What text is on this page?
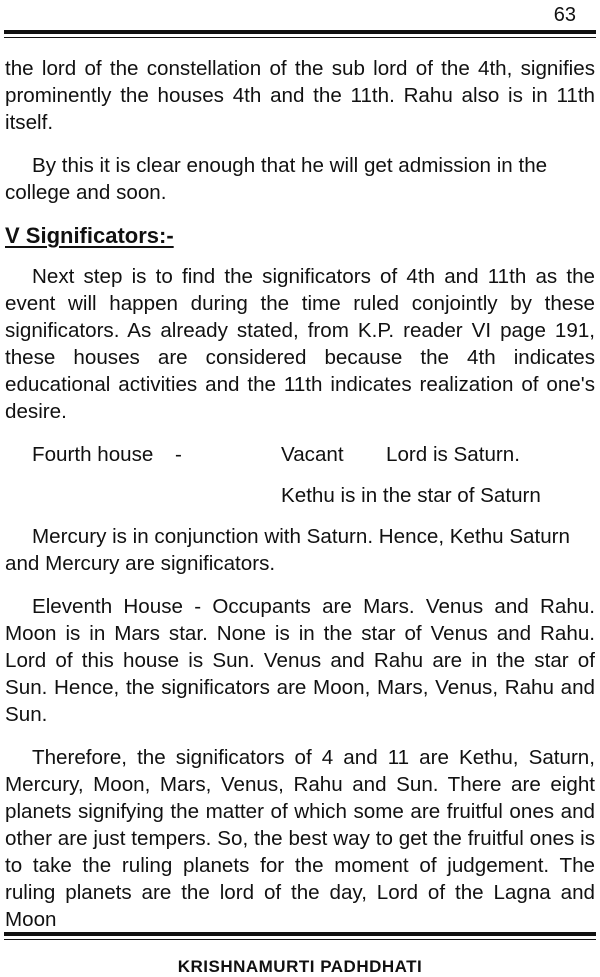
63

the lord of the constellation of the sub lord of the 4th, signifies prominently the houses 4th and the 11th. Rahu also is in 11th itself.

By this it is clear enough that he will get admission in the college and soon.

V Significators:-

Next step is to find the significators of 4th and 11th as the event will happen during the time ruled conjointly by these significators. As already stated, from K.P. reader VI page 191, these houses are considered because the 4th indicates educational activities and the 11th indicates realization of one's desire.

Fourth house -	Vacant Lord is Saturn.
Kethu is in the star of Saturn

Mercury is in conjunction with Saturn. Hence, Kethu Saturn and Mercury are significators.

Eleventh House - Occupants are Mars. Venus and Rahu. Moon is in Mars star. None is in the star of Venus and Rahu. Lord of this house is Sun. Venus and Rahu are in the star of Sun. Hence, the significators are Moon, Mars, Venus, Rahu and Sun.

Therefore, the significators of 4 and 11 are Kethu, Saturn, Mercury, Moon, Mars, Venus, Rahu and Sun. There are eight planets signifying the matter of which some are fruitful ones and other are just tempers. So, the best way to get the fruitful ones is to take the ruling planets for the moment of judgement. The ruling planets are the lord of the day, Lord of the Lagna and Moon

KRISHNAMURTI PADHDHATI
